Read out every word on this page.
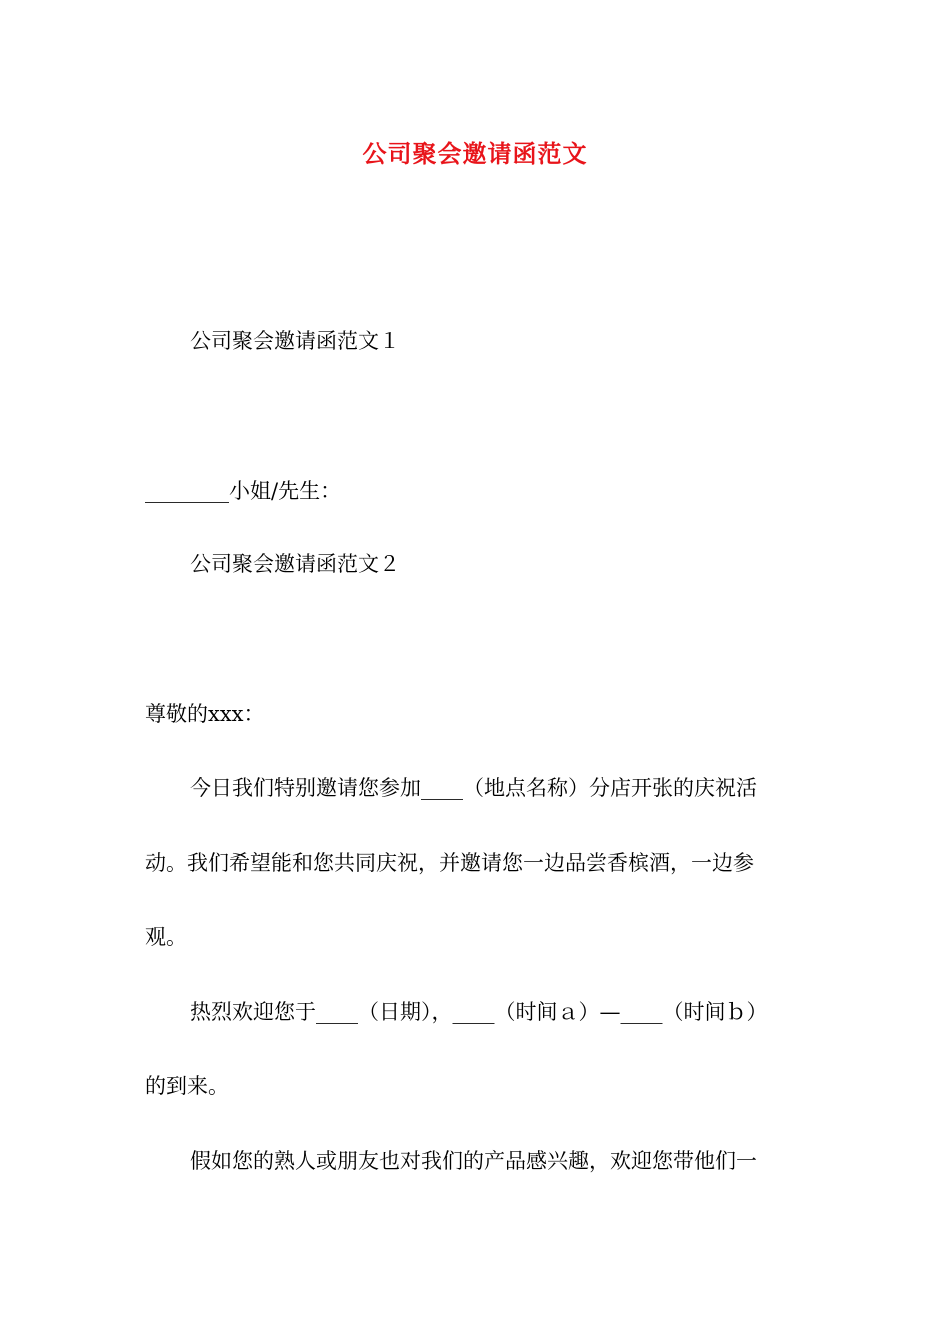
公司聚会邀请函范文
公司聚会邀请函范文１
________小姐/先生：
公司聚会邀请函范文２
尊敬的xxx：
今日我们特别邀请您参加____（地点名称）分店开张的庆祝活
动。我们希望能和您共同庆祝，并邀请您一边品尝香槟酒，一边参
观。
热烈欢迎您于____（日期），____（时间ａ）—____（时间ｂ）
的到来。
假如您的熟人或朋友也对我们的产品感兴趣，欢迎您带他们一
